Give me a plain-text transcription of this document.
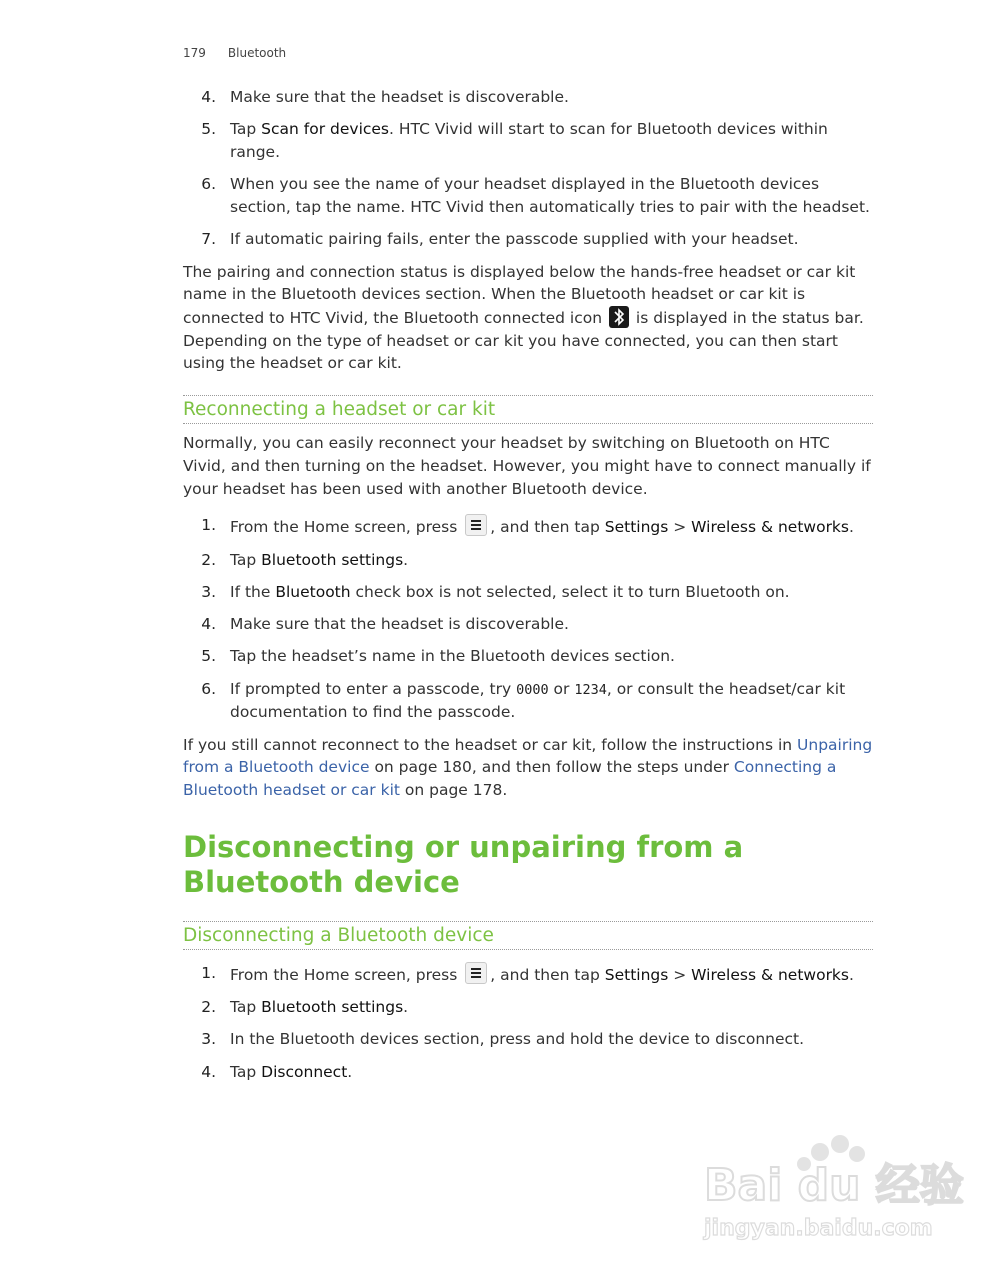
179 Bluetooth
4. Make sure that the headset is discoverable.
5. Tap Scan for devices. HTC Vivid will start to scan for Bluetooth devices within range.
6. When you see the name of your headset displayed in the Bluetooth devices section, tap the name. HTC Vivid then automatically tries to pair with the headset.
7. If automatic pairing fails, enter the passcode supplied with your headset.

The pairing and connection status is displayed below the hands-free headset or car kit name in the Bluetooth devices section. When the Bluetooth headset or car kit is connected to HTC Vivid, the Bluetooth connected icon is displayed in the status bar. Depending on the type of headset or car kit you have connected, you can then start using the headset or car kit.

Reconnecting a headset or car kit

Normally, you can easily reconnect your headset by switching on Bluetooth on HTC Vivid, and then turning on the headset. However, you might have to connect manually if your headset has been used with another Bluetooth device.

1. From the Home screen, press
, and then tap Settings > Wireless & networks.
2. Tap Bluetooth settings.
3. If the Bluetooth check box is not selected, select it to turn Bluetooth on.
4. Make sure that the headset is discoverable.
5. Tap the headset’s name in the Bluetooth devices section.
6. If prompted to enter a passcode, try 0000 or 1234, or consult the headset/car kit documentation to find the passcode.

If you still cannot reconnect to the headset or car kit, follow the instructions in Unpairing from a Bluetooth device on page 180, and then follow the steps under Connecting a Bluetooth headset or car kit on page 178.

Disconnecting or unpairing from a Bluetooth device
Disconnecting a Bluetooth device
1. From the Home screen, press
, and then tap Settings > Wireless & networks.
2. Tap Bluetooth settings.
3. In the Bluetooth devices section, press and hold the device to disconnect.
4. Tap Disconnect.
Bai du 经验
jingyan.baidu.com
